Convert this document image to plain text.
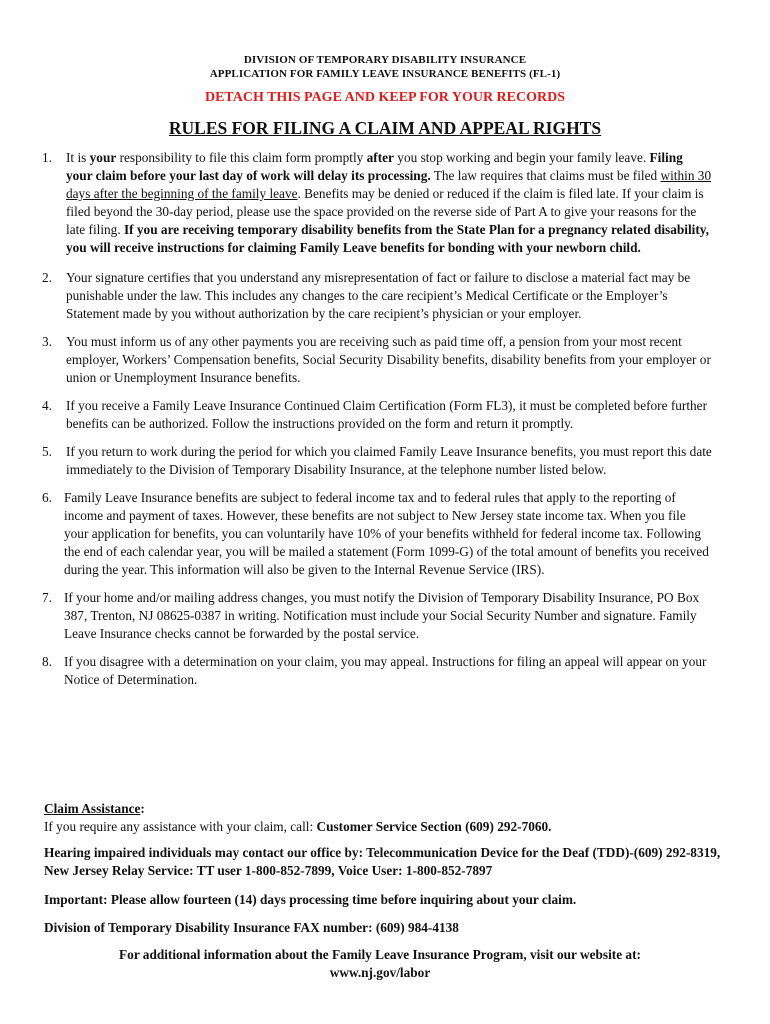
DIVISION OF TEMPORARY DISABILITY INSURANCE
APPLICATION FOR FAMILY LEAVE INSURANCE BENEFITS (FL-1)
DETACH THIS PAGE AND KEEP FOR YOUR RECORDS
RULES FOR FILING A CLAIM AND APPEAL RIGHTS
1. It is your responsibility to file this claim form promptly after you stop working and begin your family leave. Filing your claim before your last day of work will delay its processing. The law requires that claims must be filed within 30 days after the beginning of the family leave. Benefits may be denied or reduced if the claim is filed late. If your claim is filed beyond the 30-day period, please use the space provided on the reverse side of Part A to give your reasons for the late filing. If you are receiving temporary disability benefits from the State Plan for a pregnancy related disability, you will receive instructions for claiming Family Leave benefits for bonding with your newborn child.
2. Your signature certifies that you understand any misrepresentation of fact or failure to disclose a material fact may be punishable under the law. This includes any changes to the care recipient’s Medical Certificate or the Employer’s Statement made by you without authorization by the care recipient’s physician or your employer.
3. You must inform us of any other payments you are receiving such as paid time off, a pension from your most recent employer, Workers’ Compensation benefits, Social Security Disability benefits, disability benefits from your employer or union or Unemployment Insurance benefits.
4. If you receive a Family Leave Insurance Continued Claim Certification (Form FL3), it must be completed before further benefits can be authorized. Follow the instructions provided on the form and return it promptly.
5. If you return to work during the period for which you claimed Family Leave Insurance benefits, you must report this date immediately to the Division of Temporary Disability Insurance, at the telephone number listed below.
6. Family Leave Insurance benefits are subject to federal income tax and to federal rules that apply to the reporting of income and payment of taxes. However, these benefits are not subject to New Jersey state income tax. When you file your application for benefits, you can voluntarily have 10% of your benefits withheld for federal income tax. Following the end of each calendar year, you will be mailed a statement (Form 1099-G) of the total amount of benefits you received during the year. This information will also be given to the Internal Revenue Service (IRS).
7. If your home and/or mailing address changes, you must notify the Division of Temporary Disability Insurance, PO Box 387, Trenton, NJ 08625-0387 in writing. Notification must include your Social Security Number and signature. Family Leave Insurance checks cannot be forwarded by the postal service.
8. If you disagree with a determination on your claim, you may appeal. Instructions for filing an appeal will appear on your Notice of Determination.
Claim Assistance:
If you require any assistance with your claim, call: Customer Service Section (609) 292-7060.
Hearing impaired individuals may contact our office by: Telecommunication Device for the Deaf (TDD)-(609) 292-8319, New Jersey Relay Service: TT user 1-800-852-7899, Voice User: 1-800-852-7897
Important: Please allow fourteen (14) days processing time before inquiring about your claim.
Division of Temporary Disability Insurance FAX number: (609) 984-4138
For additional information about the Family Leave Insurance Program, visit our website at:
www.nj.gov/labor
